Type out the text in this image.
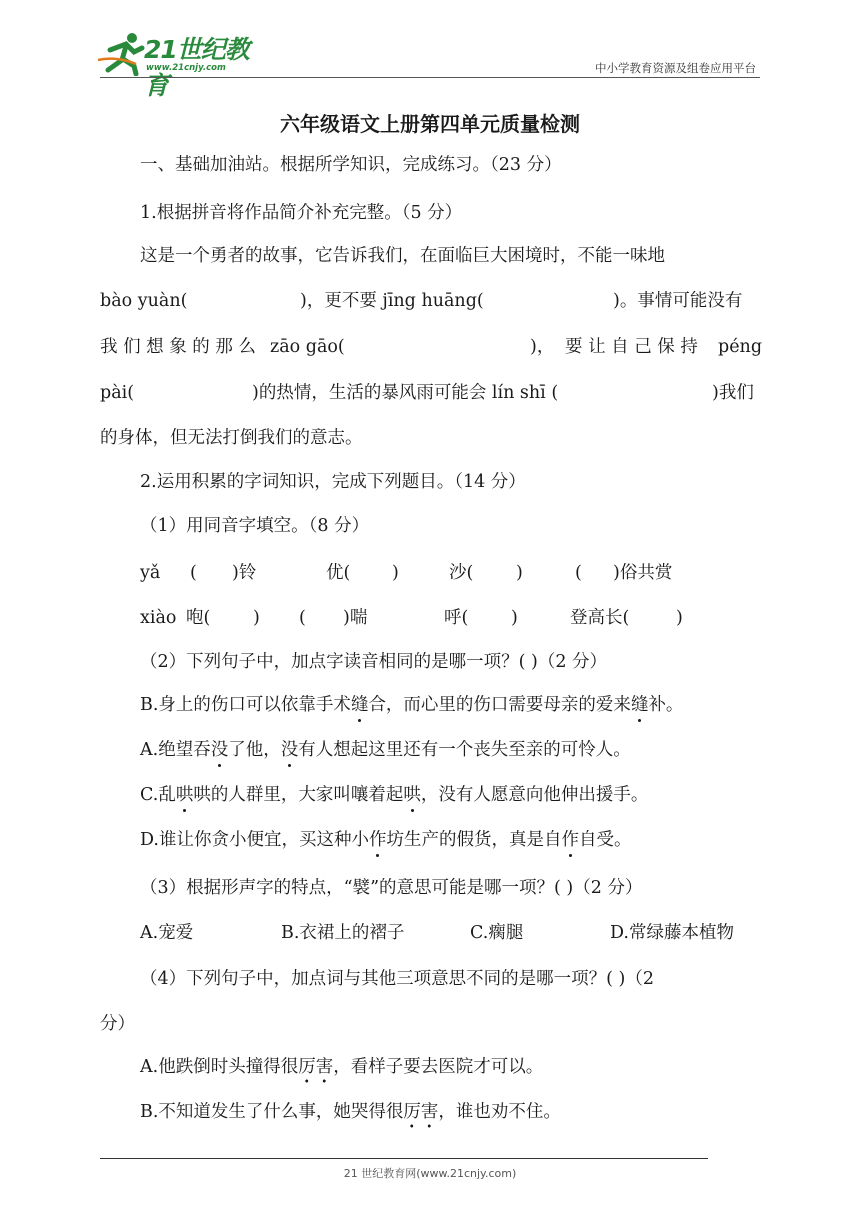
21世纪教育
www.21cnjy.com	中小学教育资源及组卷应用平台
六年级语文上册第四单元质量检测
一、基础加油站。根据所学知识，完成练习。（23 分）
1.根据拼音将作品简介补充完整。（5 分）
这是一个勇者的故事，它告诉我们，在面临巨大困境时，不能一味地
bào yuàn(	)，更不要 jīng huāng(	)。事情可能没有
我 们 想 象 的 那 么 zāo gāo(	)， 要 让 自 己 保 持 péng
pài(	)的热情，生活的暴风雨可能会 lín shī (	)我们
的身体，但无法打倒我们的意志。
2.运用积累的字词知识，完成下列题目。（14 分）
（1）用同音字填空。（8 分）
yǎ ( )铃	优( )	沙( )	( )俗共赏
xiào 咆( ) ( )喘	呼( )	登高长(	)
（2）下列句子中，加点字读音相同的是哪一项？( )（2 分）
B.身上的伤口可以依靠手术缝合，而心里的伤口需要母亲的爱来缝补。
A.绝望吞没了他，没有人想起这里还有一个丧失至亲的可怜人。
C.乱哄哄的人群里，大家叫嚷着起哄，没有人愿意向他伸出援手。
D.谁让你贪小便宜，买这种小作坊生产的假货，真是自作自受。
（3）根据形声字的特点，“襞”的意思可能是哪一项？( )（2 分）
A.宠爱	B.衣裙上的褶子	C.瘸腿	D.常绿藤本植物
（4）下列句子中，加点词与其他三项意思不同的是哪一项？( )（2
分）
A.他跌倒时头撞得很厉害，看样子要去医院才可以。
B.不知道发生了什么事，她哭得很厉害，谁也劝不住。
21 世纪教育网(www.21cnjy.com)
